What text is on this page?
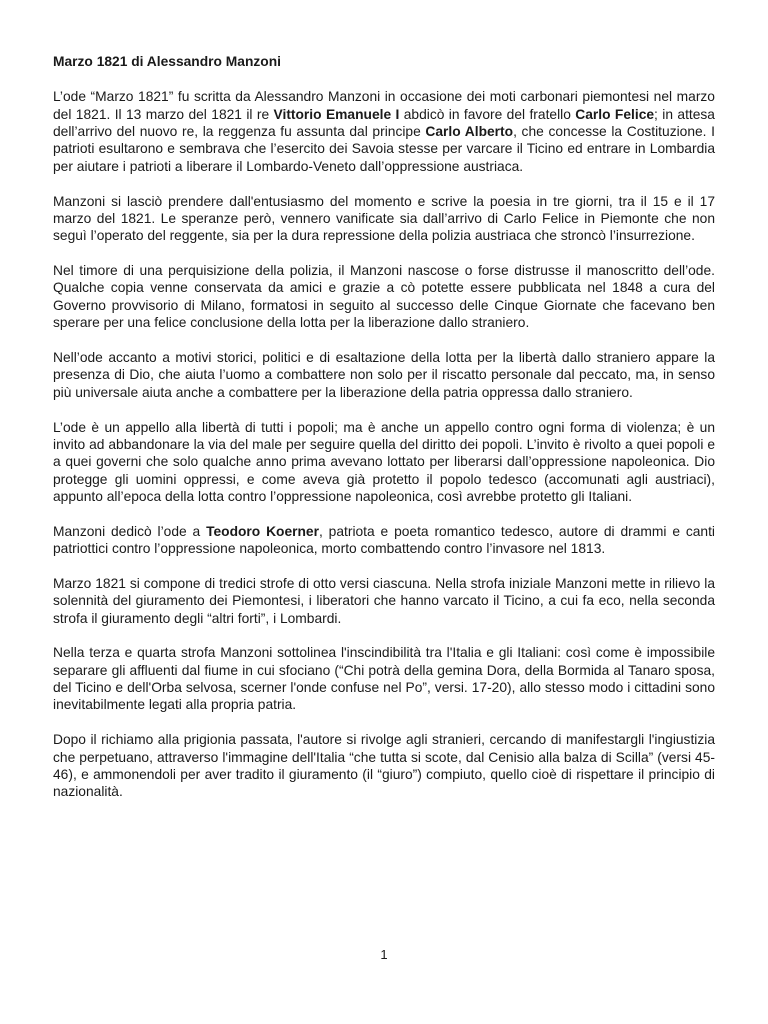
Marzo 1821 di Alessandro Manzoni

L’ode “Marzo 1821” fu scritta da Alessandro Manzoni in occasione dei moti carbonari piemontesi nel marzo del 1821. Il 13 marzo del 1821 il re Vittorio Emanuele I abdicò in favore del fratello Carlo Felice; in attesa dell’arrivo del nuovo re, la reggenza fu assunta dal principe Carlo Alberto, che concesse la Costituzione. I patrioti esultarono e sembrava che l’esercito dei Savoia stesse per varcare il Ticino ed entrare in Lombardia per aiutare i patrioti a liberare il Lombardo-Veneto dall’oppressione austriaca.

Manzoni si lasciò prendere dall'entusiasmo del momento e scrive la poesia in tre giorni, tra il 15 e il 17 marzo del 1821. Le speranze però, vennero vanificate sia dall’arrivo di Carlo Felice in Piemonte che non seguì l’operato del reggente, sia per la dura repressione della polizia austriaca che stroncò l’insurrezione.

Nel timore di una perquisizione della polizia, il Manzoni nascose o forse distrusse il manoscritto dell’ode. Qualche copia venne conservata da amici e grazie a cò potette essere pubblicata nel 1848 a cura del Governo provvisorio di Milano, formatosi in seguito al successo delle Cinque Giornate che facevano ben sperare per una felice conclusione della lotta per la liberazione dallo straniero.

Nell’ode accanto a motivi storici, politici e di esaltazione della lotta per la libertà dallo straniero appare la presenza di Dio, che aiuta l’uomo a combattere non solo per il riscatto personale dal peccato, ma, in senso più universale aiuta anche a combattere per la liberazione della patria oppressa dallo straniero.

L’ode è un appello alla libertà di tutti i popoli; ma è anche un appello contro ogni forma di violenza; è un invito ad abbandonare la via del male per seguire quella del diritto dei popoli. L’invito è rivolto a quei popoli e a quei governi che solo qualche anno prima avevano lottato per liberarsi dall’oppressione napoleonica. Dio protegge gli uomini oppressi, e come aveva già protetto il popolo tedesco (accomunati agli austriaci), appunto all’epoca della lotta contro l’oppressione napoleonica, così avrebbe protetto gli Italiani.

Manzoni dedicò l’ode a Teodoro Koerner, patriota e poeta romantico tedesco, autore di drammi e canti patriottici contro l’oppressione napoleonica, morto combattendo contro l’invasore nel 1813.

Marzo 1821 si compone di tredici strofe di otto versi ciascuna. Nella strofa iniziale Manzoni mette in rilievo la solennità del giuramento dei Piemontesi, i liberatori che hanno varcato il Ticino, a cui fa eco, nella seconda strofa il giuramento degli “altri forti”, i Lombardi.

Nella terza e quarta strofa Manzoni sottolinea l'inscindibilità tra l'Italia e gli Italiani: così come è impossibile separare gli affluenti dal fiume in cui sfociano (“Chi potrà della gemina Dora, della Bormida al Tanaro sposa, del Ticino e dell'Orba selvosa, scerner l'onde confuse nel Po”, versi. 17-20), allo stesso modo i cittadini sono inevitabilmente legati alla propria patria.

Dopo il richiamo alla prigionia passata, l'autore si rivolge agli stranieri, cercando di manifestargli l'ingiustizia che perpetuano, attraverso l'immagine dell'Italia “che tutta si scote, dal Cenisio alla balza di Scilla” (versi 45-46), e ammonendoli per aver tradito il giuramento (il “giuro”) compiuto, quello cioè di rispettare il principio di nazionalità.

1
